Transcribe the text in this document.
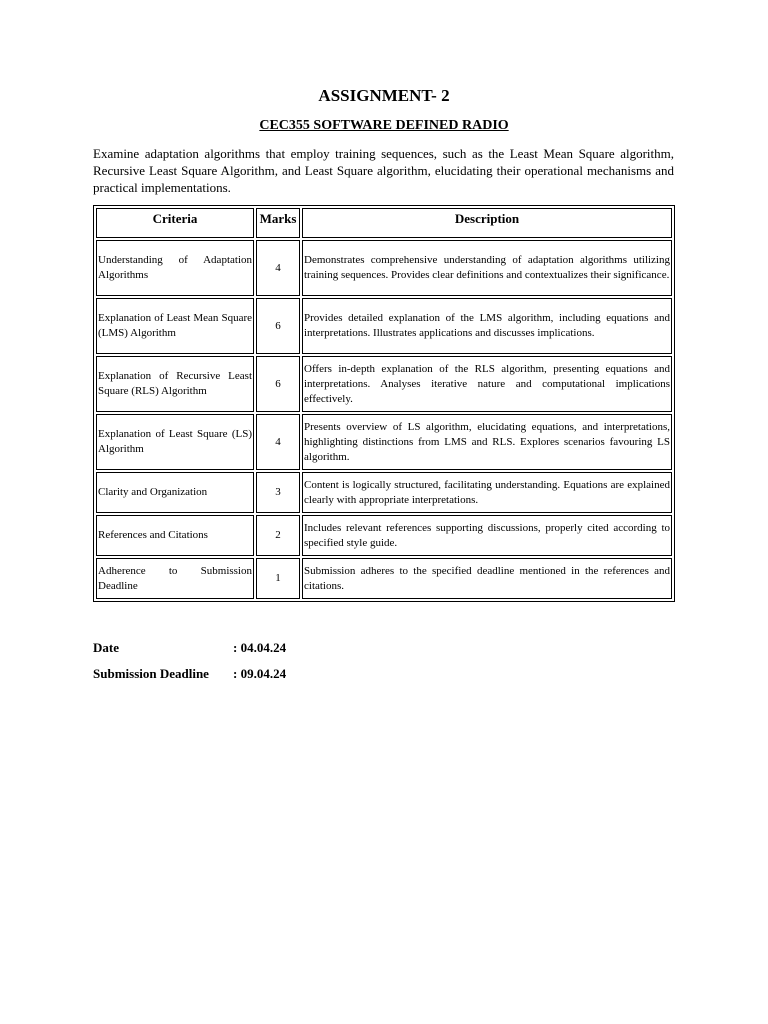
ASSIGNMENT- 2
CEC355 SOFTWARE DEFINED RADIO

Examine adaptation algorithms that employ training sequences, such as the Least Mean Square algorithm, Recursive Least Square Algorithm, and Least Square algorithm, elucidating their operational mechanisms and practical implementations.

Criteria	Marks	Description
Understanding of Adaptation Algorithms	4	Demonstrates comprehensive understanding of adaptation algorithms utilizing training sequences. Provides clear definitions and contextualizes their significance.
Explanation of Least Mean Square (LMS) Algorithm	6	Provides detailed explanation of the LMS algorithm, including equations and interpretations. Illustrates applications and discusses implications.
Explanation of Recursive Least Square (RLS) Algorithm	6	Offers in-depth explanation of the RLS algorithm, presenting equations and interpretations. Analyses iterative nature and computational implications effectively.
Explanation of Least Square (LS) Algorithm	4	Presents overview of LS algorithm, elucidating equations, and interpretations, highlighting distinctions from LMS and RLS. Explores scenarios favouring LS algorithm.
Clarity and Organization	3	Content is logically structured, facilitating understanding. Equations are explained clearly with appropriate interpretations.
References and Citations	2	Includes relevant references supporting discussions, properly cited according to specified style guide.
Adherence to Submission Deadline	1	Submission adheres to the specified deadline mentioned in the references and citations.
Date	: 04.04.24
Submission Deadline : 09.04.24
